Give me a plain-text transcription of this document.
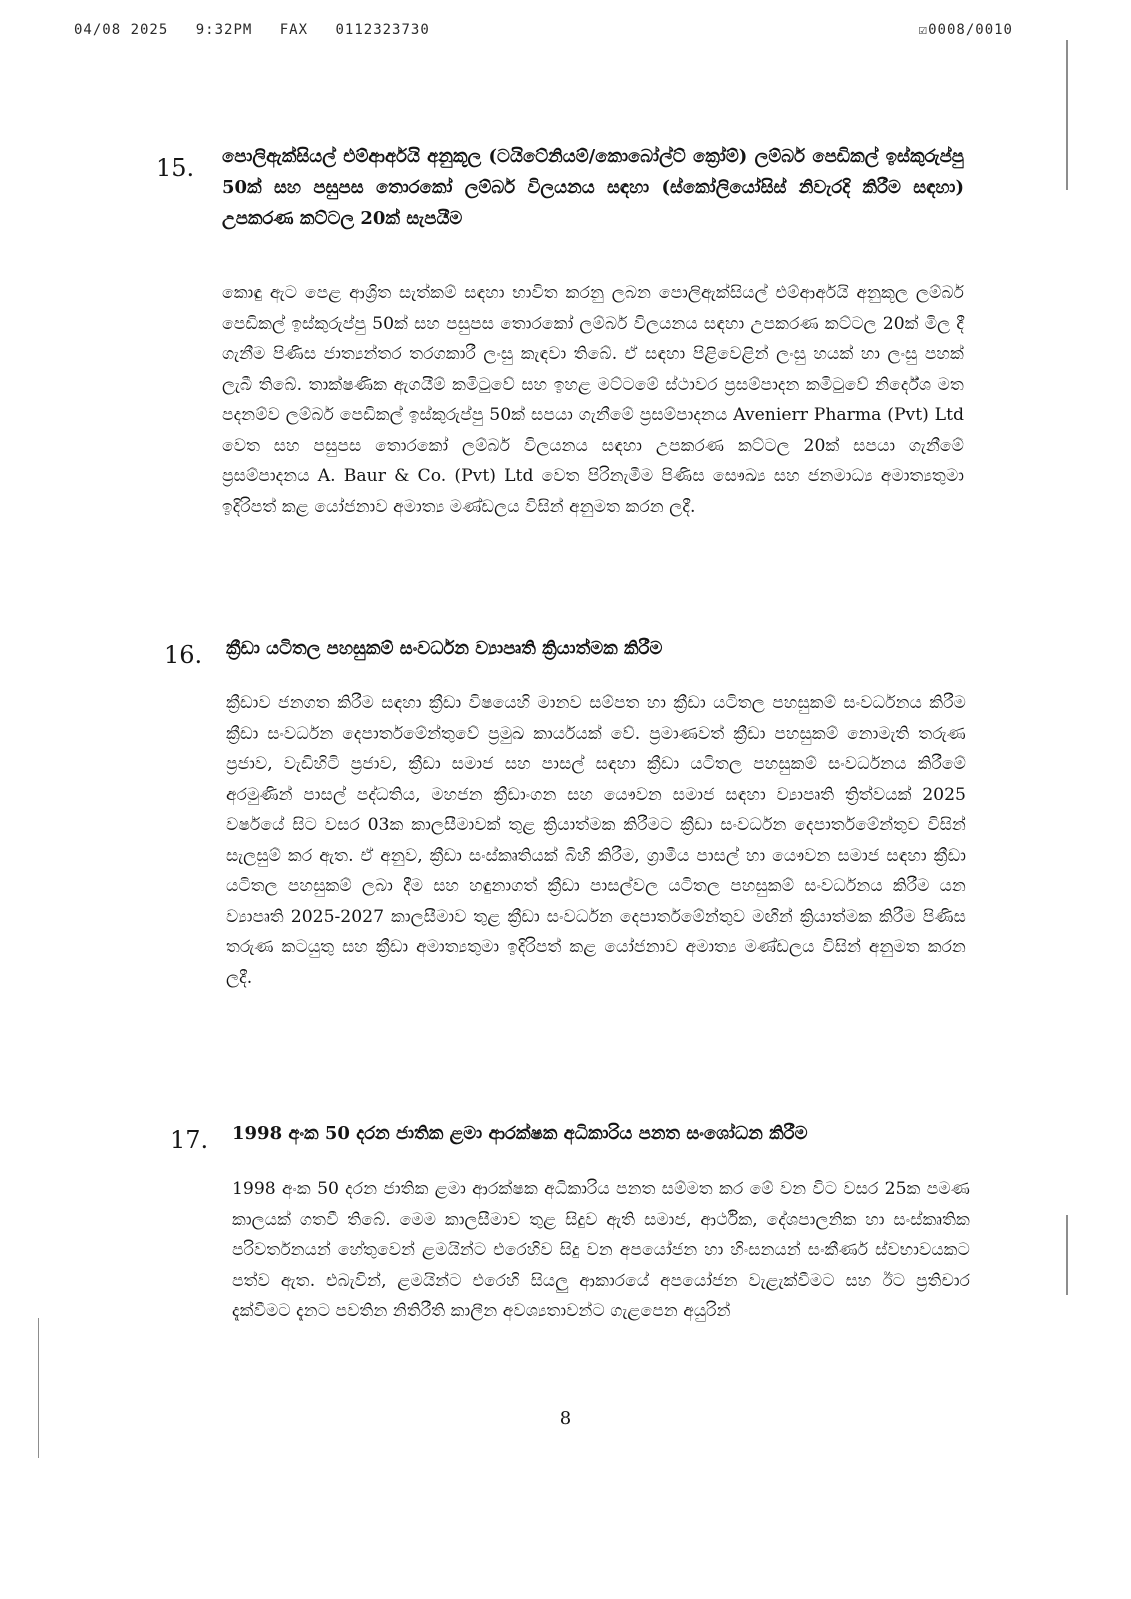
04/08 2025 9:32PM FAX 0112323730	☑0008/0010
15. පොලිඇක්සියල් එම්ආර්අයි අනුකූල (ටයිටේනියම්/කොබෝල්ට් ක්‍රෝම්) ලම්බර් පෙඩිකල් ඉස්කුරුප්පු 50ක් සහ පසුපස තොරකෝ ලම්බර් විලයනය සඳහා (ස්කෝලියෝසිස් නිවැරදි කිරීම සඳහා) උපකරණ කට්ටල 20ක් සැපයීම

කොඳු ඇට පෙළ ආශ්‍රිත සැත්කම් සඳහා භාවිත කරනු ලබන පොලිඇක්සියල් එම්ආර්අයි අනුකූල ලම්බර් පෙඩිකල් ඉස්කුරුප්පු 50ක් සහ පසුපස තොරකෝ ලම්බර් විලයනය සඳහා උපකරණ කට්ටල 20ක් මිල දී ගැනීම පිණිස ජාත්‍යන්තර තරගකාරී ලංසු කැඳවා තිබේ. ඒ සඳහා පිළිවෙළින් ලංසු හයක් හා ලංසු පහක් ලැබී තිබේ. තාක්ෂණික ඇගයීම් කමිටුවේ සහ ඉහළ මට්ටමේ ස්ථාවර ප්‍රසම්පාදන කමිටුවේ නිර්දේශ මත පදනම්ව ලම්බර් පෙඩිකල් ඉස්කුරුප්පු 50ක් සපයා ගැනීමේ ප්‍රසම්පාදනය Avenierr Pharma (Pvt) Ltd වෙත සහ පසුපස තොරකෝ ලම්බර් විලයනය සඳහා උපකරණ කට්ටල 20ක් සපයා ගැනීමේ ප්‍රසම්පාදනය A. Baur & Co. (Pvt) Ltd වෙත පිරිනැමීම පිණිස සෞඛ්‍ය සහ ජනමාධ්‍ය අමාත්‍යතුමා ඉදිරිපත් කළ යෝජනාව අමාත්‍ය මණ්ඩලය විසින් අනුමත කරන ලදී.

16. ක්‍රීඩා යටිතල පහසුකම් සංවර්ධන ව්‍යාපෘති ක්‍රියාත්මක කිරීම

ක්‍රීඩාව ජනගත කිරීම සඳහා ක්‍රීඩා විෂයෙහි මානව සම්පත හා ක්‍රීඩා යටිතල පහසුකම් සංවර්ධනය කිරීම ක්‍රීඩා සංවර්ධන දෙපාර්තමේන්තුවේ ප්‍රමුඛ කාර්යයක් වේ. ප්‍රමාණවත් ක්‍රීඩා පහසුකම් නොමැති තරුණ ප්‍රජාව, වැඩිහිටි ප්‍රජාව, ක්‍රීඩා සමාජ සහ පාසල් සඳහා ක්‍රීඩා යටිතල පහසුකම් සංවර්ධනය කිරීමේ අරමුණින් පාසල් පද්ධතිය, මහජන ක්‍රීඩාංගන සහ යෞවන සමාජ සඳහා ව්‍යාපෘති ත්‍රිත්වයක් 2025 වර්ෂයේ සිට වසර 03ක කාලසීමාවක් තුළ ක්‍රියාත්මක කිරීමට ක්‍රීඩා සංවර්ධන දෙපාර්තමේන්තුව විසින් සැලසුම් කර ඇත. ඒ අනුව, ක්‍රීඩා සංස්කෘතියක් බිහි කිරීම, ග්‍රාමීය පාසල් හා යෞවන සමාජ සඳහා ක්‍රීඩා යටිතල පහසුකම් ලබා දීම සහ හඳුනාගත් ක්‍රීඩා පාසල්වල යටිතල පහසුකම් සංවර්ධනය කිරීම යන ව්‍යාපෘති 2025-2027 කාලසීමාව තුළ ක්‍රීඩා සංවර්ධන දෙපාර්තමේන්තුව මඟින් ක්‍රියාත්මක කිරීම පිණිස තරුණ කටයුතු සහ ක්‍රීඩා අමාත්‍යතුමා ඉදිරිපත් කළ යෝජනාව අමාත්‍ය මණ්ඩලය විසින් අනුමත කරන ලදී.

17. 1998 අංක 50 දරන ජාතික ළමා ආරක්ෂක අධිකාරිය පනත සංශෝධන කිරීම

1998 අංක 50 දරන ජාතික ළමා ආරක්ෂක අධිකාරිය පනත සම්මත කර මේ වන විට වසර 25ක පමණ කාලයක් ගතවී තිබේ. මෙම කාලසීමාව තුළ සිදුව ඇති සමාජ, ආර්ථික, දේශපාලනික හා සංස්කෘතික පරිවර්තනයන් හේතුවෙන් ළමයින්ට එරෙහිව සිදු වන අපයෝජන හා හිංසනයන් සංකීර්ණ ස්වභාවයකට පත්ව ඇත. එබැවින්, ළමයින්ට එරෙහි සියලු ආකාරයේ අපයෝජන වැළැක්වීමට සහ ඊට ප්‍රතිචාර දැක්වීමට දැනට පවතින නිතිරීති කාලීන අවශ්‍යතාවන්ට ගැළපෙන අයුරින්

8
